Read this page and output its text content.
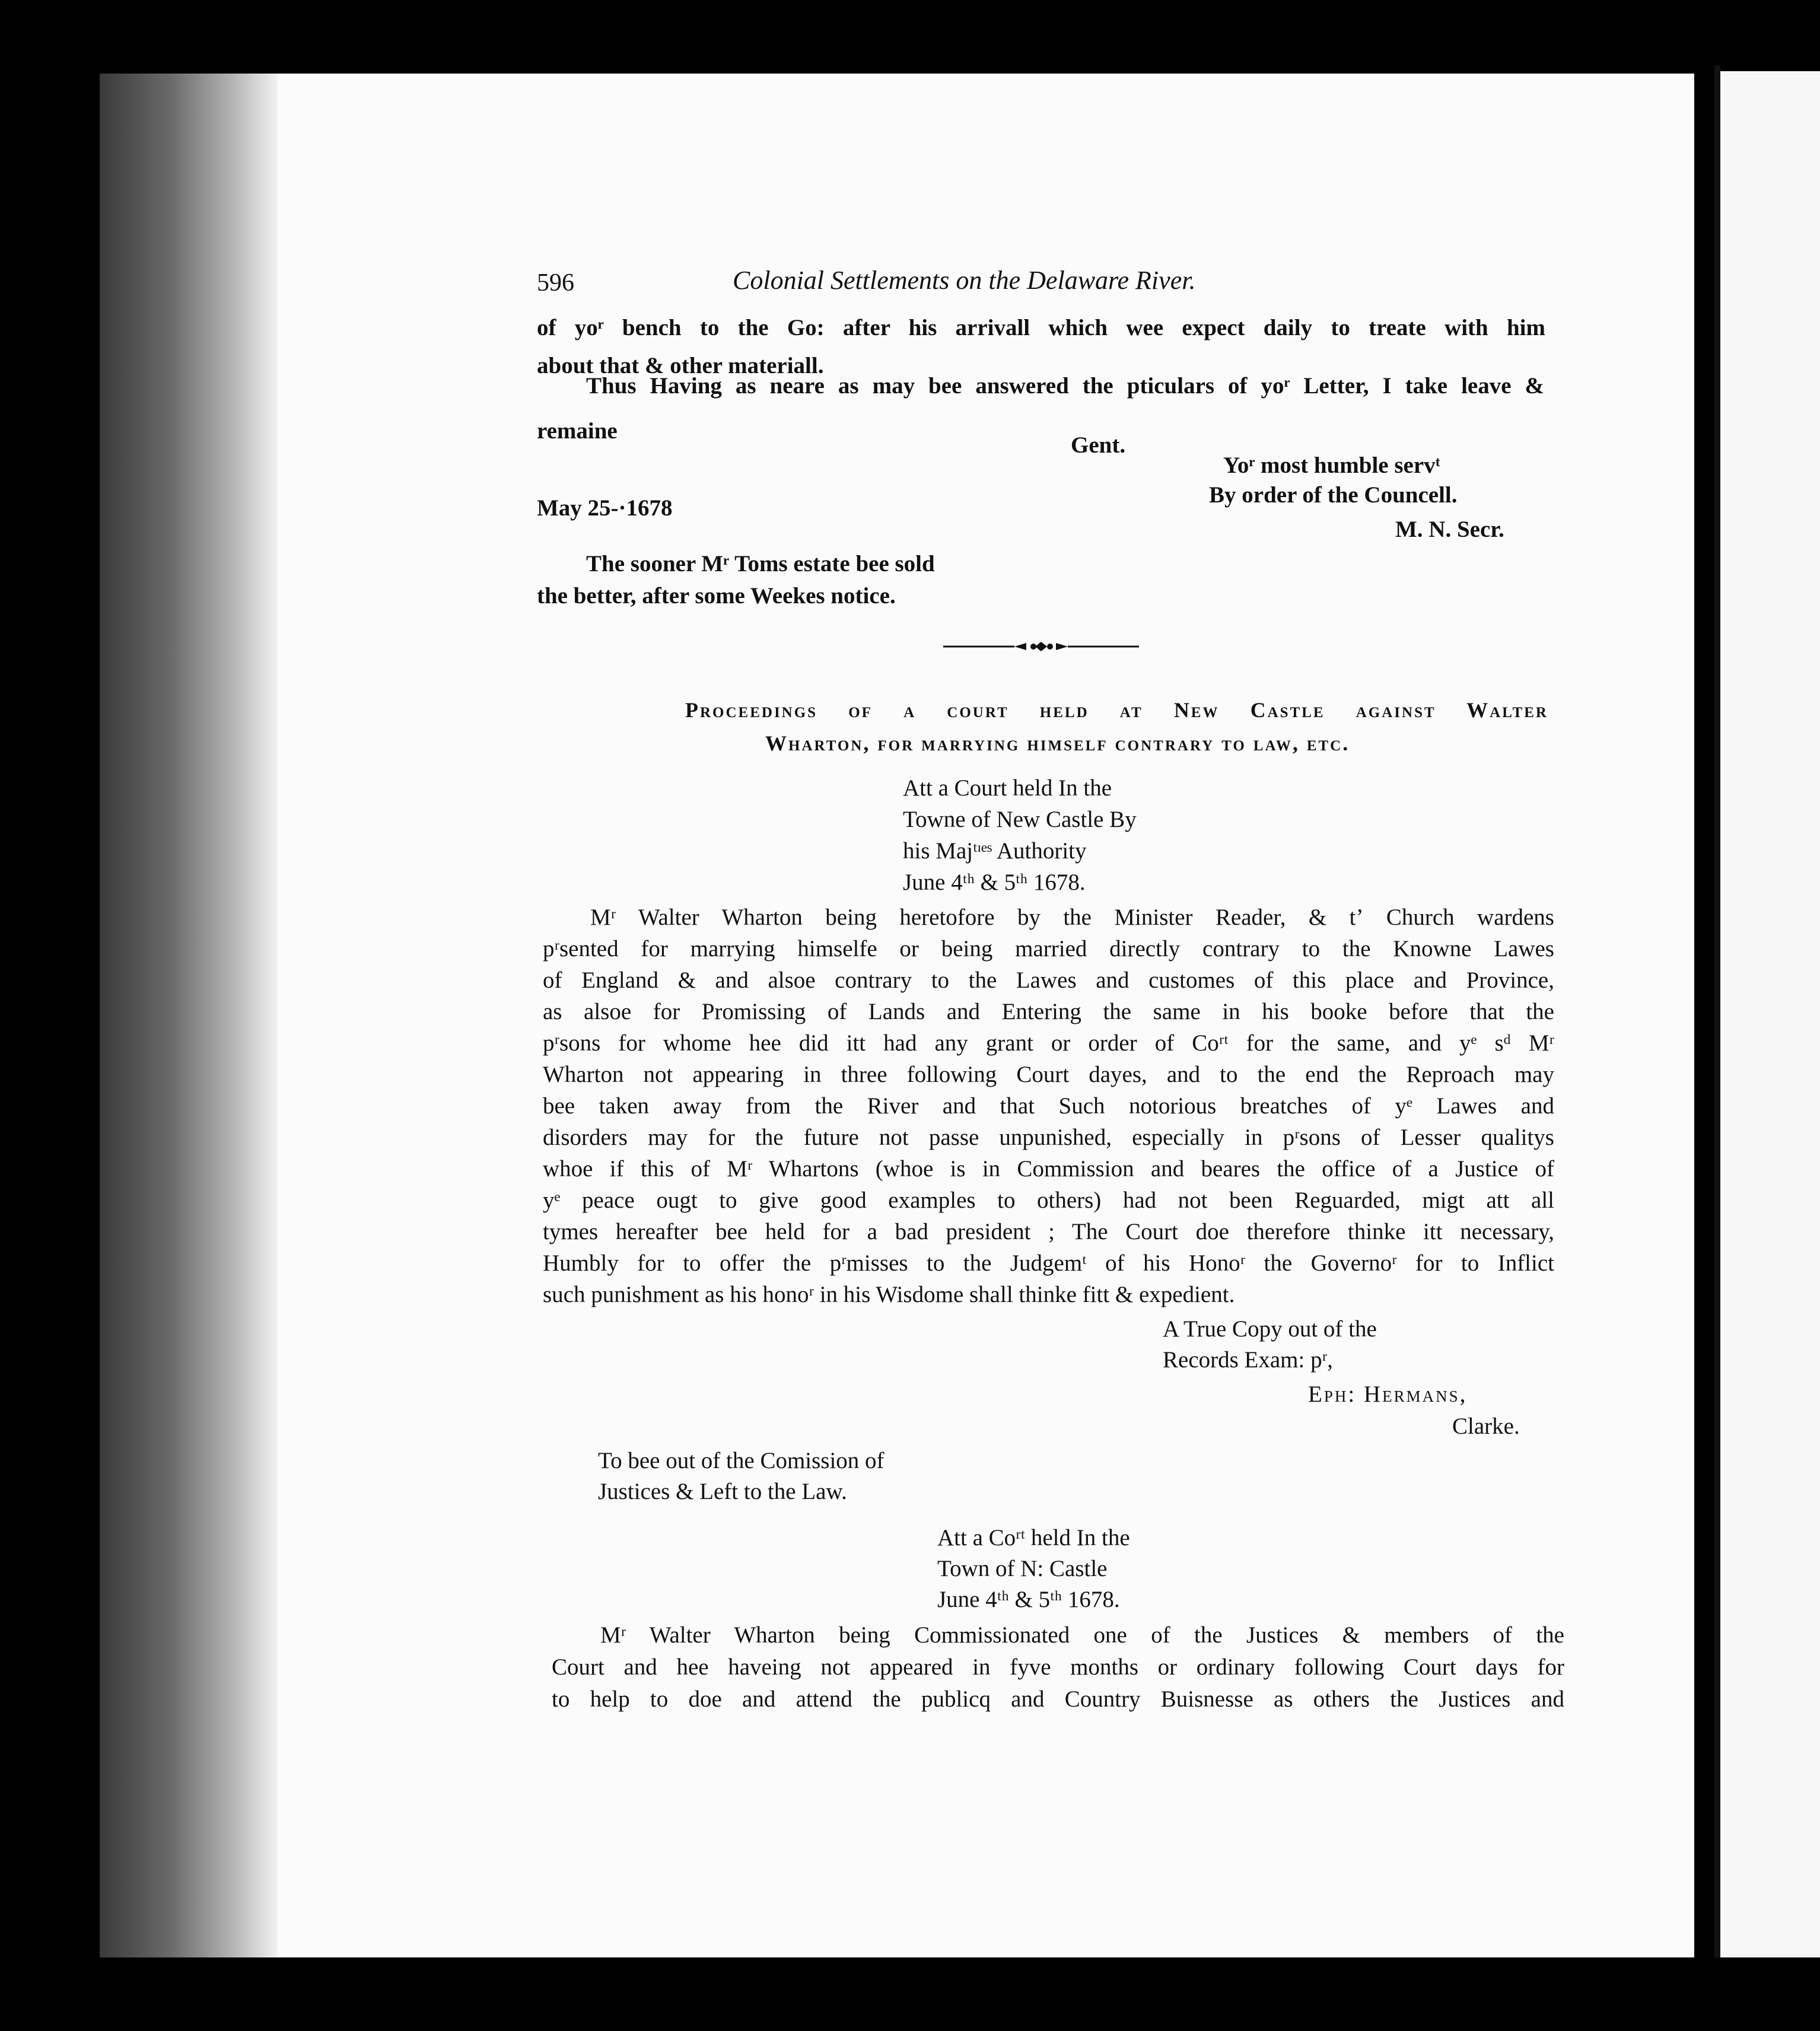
596	Colonial Settlements on the Delaware River.
of yoʳ bench to the Go: after his arrivall which wee expect daily to treate with him
about that & other materiall.
Thus Having as neare as may bee answered the pticulars of yoʳ Letter, I take leave &
remaine
Gent.
Yoʳ most humble servᵗ
May 25-·1678
By order of the Councell.
M. N. Secr.
The sooner Mʳ Toms estate bee sold
the better, after some Weekes notice.
Proceedings of a court held at New Castle against Walter
Wharton, for marrying himself contrary to law, etc.
Att a Court held In the
Towne of New Castle By
his Majᵗᶦᵉˢ Authority
June 4ᵗʰ & 5ᵗʰ 1678.
Mʳ Walter Wharton being heretofore by the Minister Reader, & tʼ Church wardens
pʳsented for marrying himselfe or being married directly contrary to the Knowne Lawes
of England & and alsoe contrary to the Lawes and customes of this place and Province,
as alsoe for Promissing of Lands and Entering the same in his booke before that the
pʳsons for whome hee did itt had any grant or order of Coʳᵗ for the same, and yᵉ sᵈ Mʳ
Wharton not appearing in three following Court dayes, and to the end the Reproach may
bee taken away from the River and that Such notorious breatches of yᵉ Lawes and
disorders may for the future not passe unpunished, especially in pʳsons of Lesser qualitys
whoe if this of Mʳ Whartons (whoe is in Commission and beares the office of a Justice of
yᵉ peace ougt to give good examples to others) had not been Reguarded, migt att all
tymes hereafter bee held for a bad president ; The Court doe therefore thinke itt necessary,
Humbly for to offer the pʳmisses to the Judgemᵗ of his Honoʳ the Governoʳ for to Inflict
such punishment as his honoʳ in his Wisdome shall thinke fitt & expedient.
A True Copy out of the
Records Exam: pʳ,
Eph: Hermans,
Clarke.
To bee out of the Comission of
Justices & Left to the Law.
Att a Coʳᵗ held In the
Town of N: Castle
June 4ᵗʰ & 5ᵗʰ 1678.
Mʳ Walter Wharton being Commissionated one of the Justices & members of the
Court and hee haveing not appeared in fyve months or ordinary following Court days for
to help to doe and attend the publicq and Country Buisnesse as others the Justices and
